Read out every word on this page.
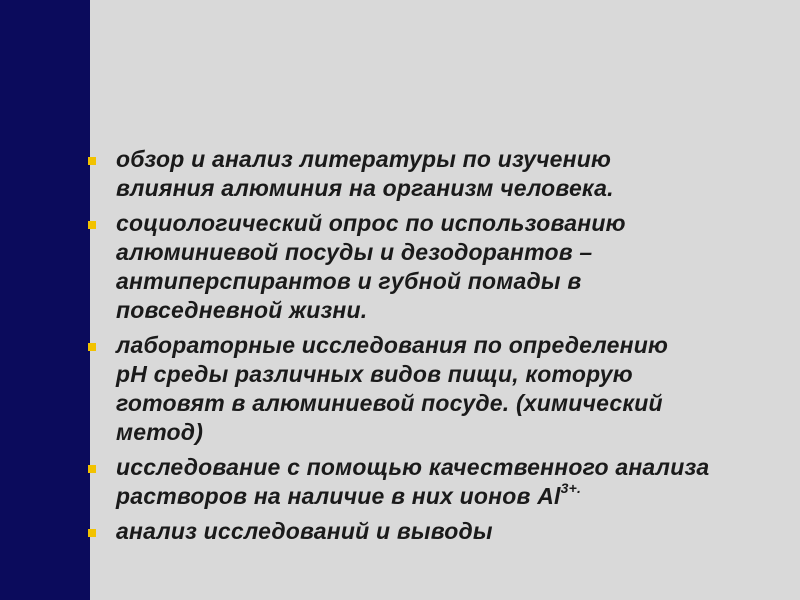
обзор и анализ литературы по изучению
влияния алюминия на организм человека.
социологический опрос по использованию
алюминиевой посуды и дезодорантов –
антиперспирантов и губной помады в
повседневной жизни.
лабораторные исследования по определению
pH среды различных видов пищи, которую
готовят в алюминиевой посуде. (химический
метод)
исследование с помощью качественного анализа
растворов на наличие в них ионов $Al^{3+.}$
анализ исследований и выводы
